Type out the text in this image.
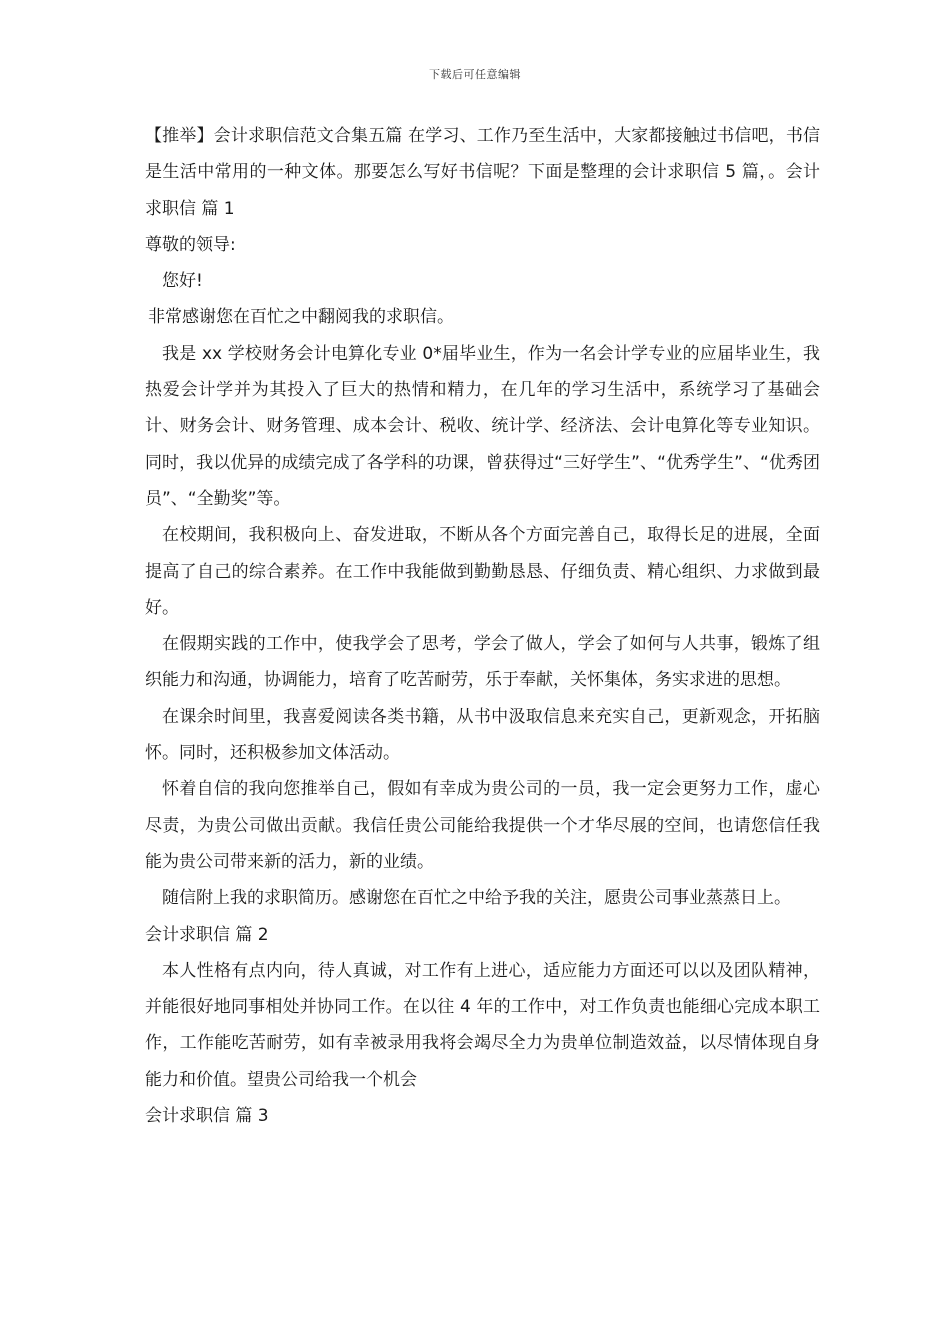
下载后可任意编辑

【推举】会计求职信范文合集五篇 在学习、工作乃至生活中，大家都接触过书信吧，书信是生活中常用的一种文体。那要怎么写好书信呢？下面是整理的会计求职信 5 篇，。会计求职信 篇 1

尊敬的领导:

您好!

非常感谢您在百忙之中翻阅我的求职信。

我是 xx 学校财务会计电算化专业 0*届毕业生，作为一名会计学专业的应届毕业生，我热爱会计学并为其投入了巨大的热情和精力，在几年的学习生活中，系统学习了基础会计、财务会计、财务管理、成本会计、税收、统计学、经济法、会计电算化等专业知识。同时，我以优异的成绩完成了各学科的功课，曾获得过“三好学生”、“优秀学生”、“优秀团员”、“全勤奖”等。

在校期间，我积极向上、奋发进取，不断从各个方面完善自己，取得长足的进展，全面提高了自己的综合素养。在工作中我能做到勤勤恳恳、仔细负责、精心组织、力求做到最好。

在假期实践的工作中，使我学会了思考，学会了做人，学会了如何与人共事，锻炼了组织能力和沟通，协调能力，培育了吃苦耐劳，乐于奉献，关怀集体，务实求进的思想。

在课余时间里，我喜爱阅读各类书籍，从书中汲取信息来充实自己，更新观念，开拓脑怀。同时，还积极参加文体活动。

怀着自信的我向您推举自己，假如有幸成为贵公司的一员，我一定会更努力工作，虚心尽责，为贵公司做出贡献。我信任贵公司能给我提供一个才华尽展的空间，也请您信任我能为贵公司带来新的活力，新的业绩。

随信附上我的求职简历。感谢您在百忙之中给予我的关注，愿贵公司事业蒸蒸日上。

会计求职信 篇 2

本人性格有点内向，待人真诚，对工作有上进心，适应能力方面还可以以及团队精神，并能很好地同事相处并协同工作。在以往 4 年的工作中，对工作负责也能细心完成本职工作，工作能吃苦耐劳，如有幸被录用我将会竭尽全力为贵单位制造效益，以尽情体现自身能力和价值。望贵公司给我一个机会

会计求职信 篇 3
